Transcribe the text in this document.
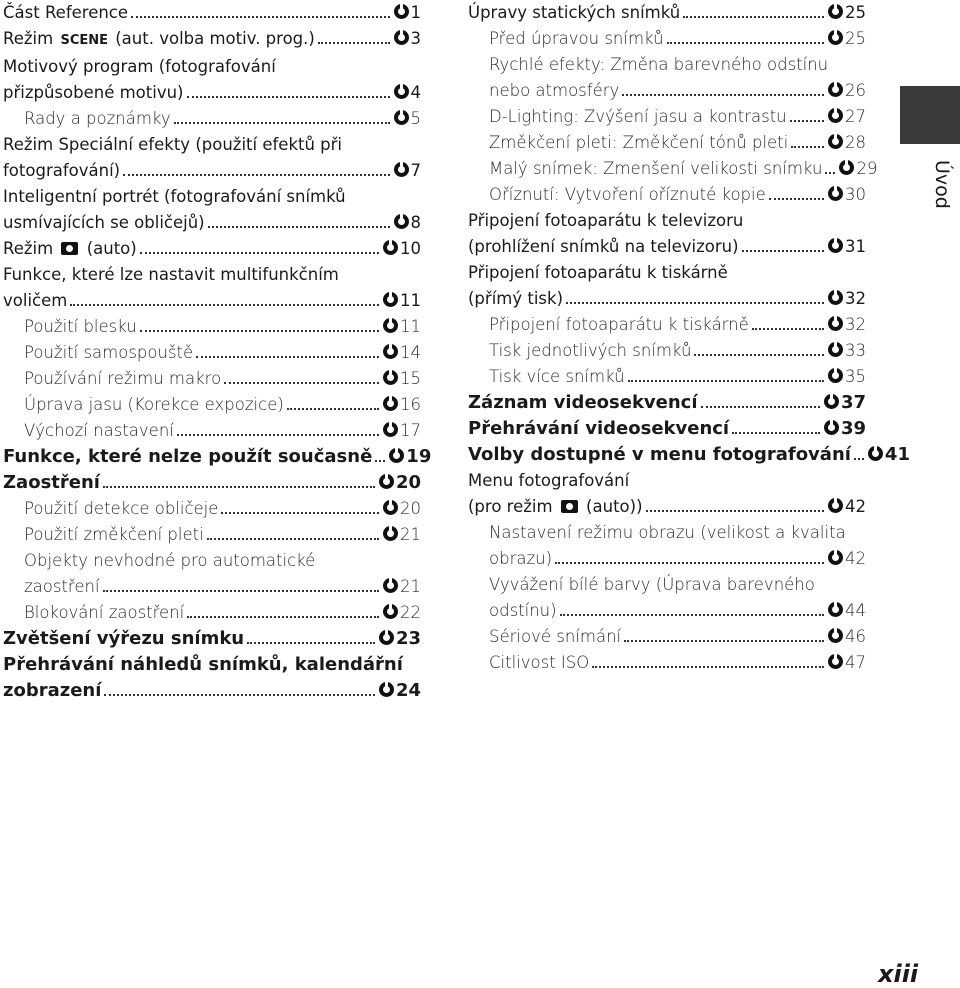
Část Reference	1
Režim SCENE (aut. volba motiv. prog.)	3
Motivový program (fotografování
přizpůsobené motivu)	4
Rady a poznámky	5
Režim Speciální efekty (použití efektů při
fotografování)	7
Inteligentní portrét (fotografování snímků
usmívajících se obličejů)	8
Režim  (auto)	10
Funkce, které lze nastavit multifunkčním
voličem	11
Použití blesku	11
Použití samospouště	14
Používání režimu makro	15
Úprava jasu (Korekce expozice)	16
Výchozí nastavení	17
Funkce, které nelze použít současně 19
Zaostření	20
Použití detekce obličeje	20
Použití změkčení pleti	21
Objekty nevhodné pro automatické
zaostření	21
Blokování zaostření	22
Zvětšení výřezu snímku	23
Přehrávání náhledů snímků, kalendářní
zobrazení	24
Úpravy statických snímků	25
Před úpravou snímků	25
Rychlé efekty: Změna barevného odstínu
nebo atmosféry	26
D-Lighting: Zvýšení jasu a kontrastu	27
Změkčení pleti: Změkčení tónů pleti	28
Malý snímek: Zmenšení velikosti snímku 29
Oříznutí: Vytvoření oříznuté kopie	30
Připojení fotoaparátu k televizoru
(prohlížení snímků na televizoru)	31
Připojení fotoaparátu k tiskárně
(přímý tisk)	32
Připojení fotoaparátu k tiskárně	32
Tisk jednotlivých snímků	33
Tisk více snímků	35
Záznam videosekvencí	37
Přehrávání videosekvencí	39
Volby dostupné v menu fotografování 41
Menu fotografování
(pro režim  (auto))	42
Nastavení režimu obrazu (velikost a kvalita
obrazu)	42
Vyvážení bílé barvy (Úprava barevného
odstínu)	44
Sériové snímání	46
Citlivost ISO	47
Úvod
xiii
